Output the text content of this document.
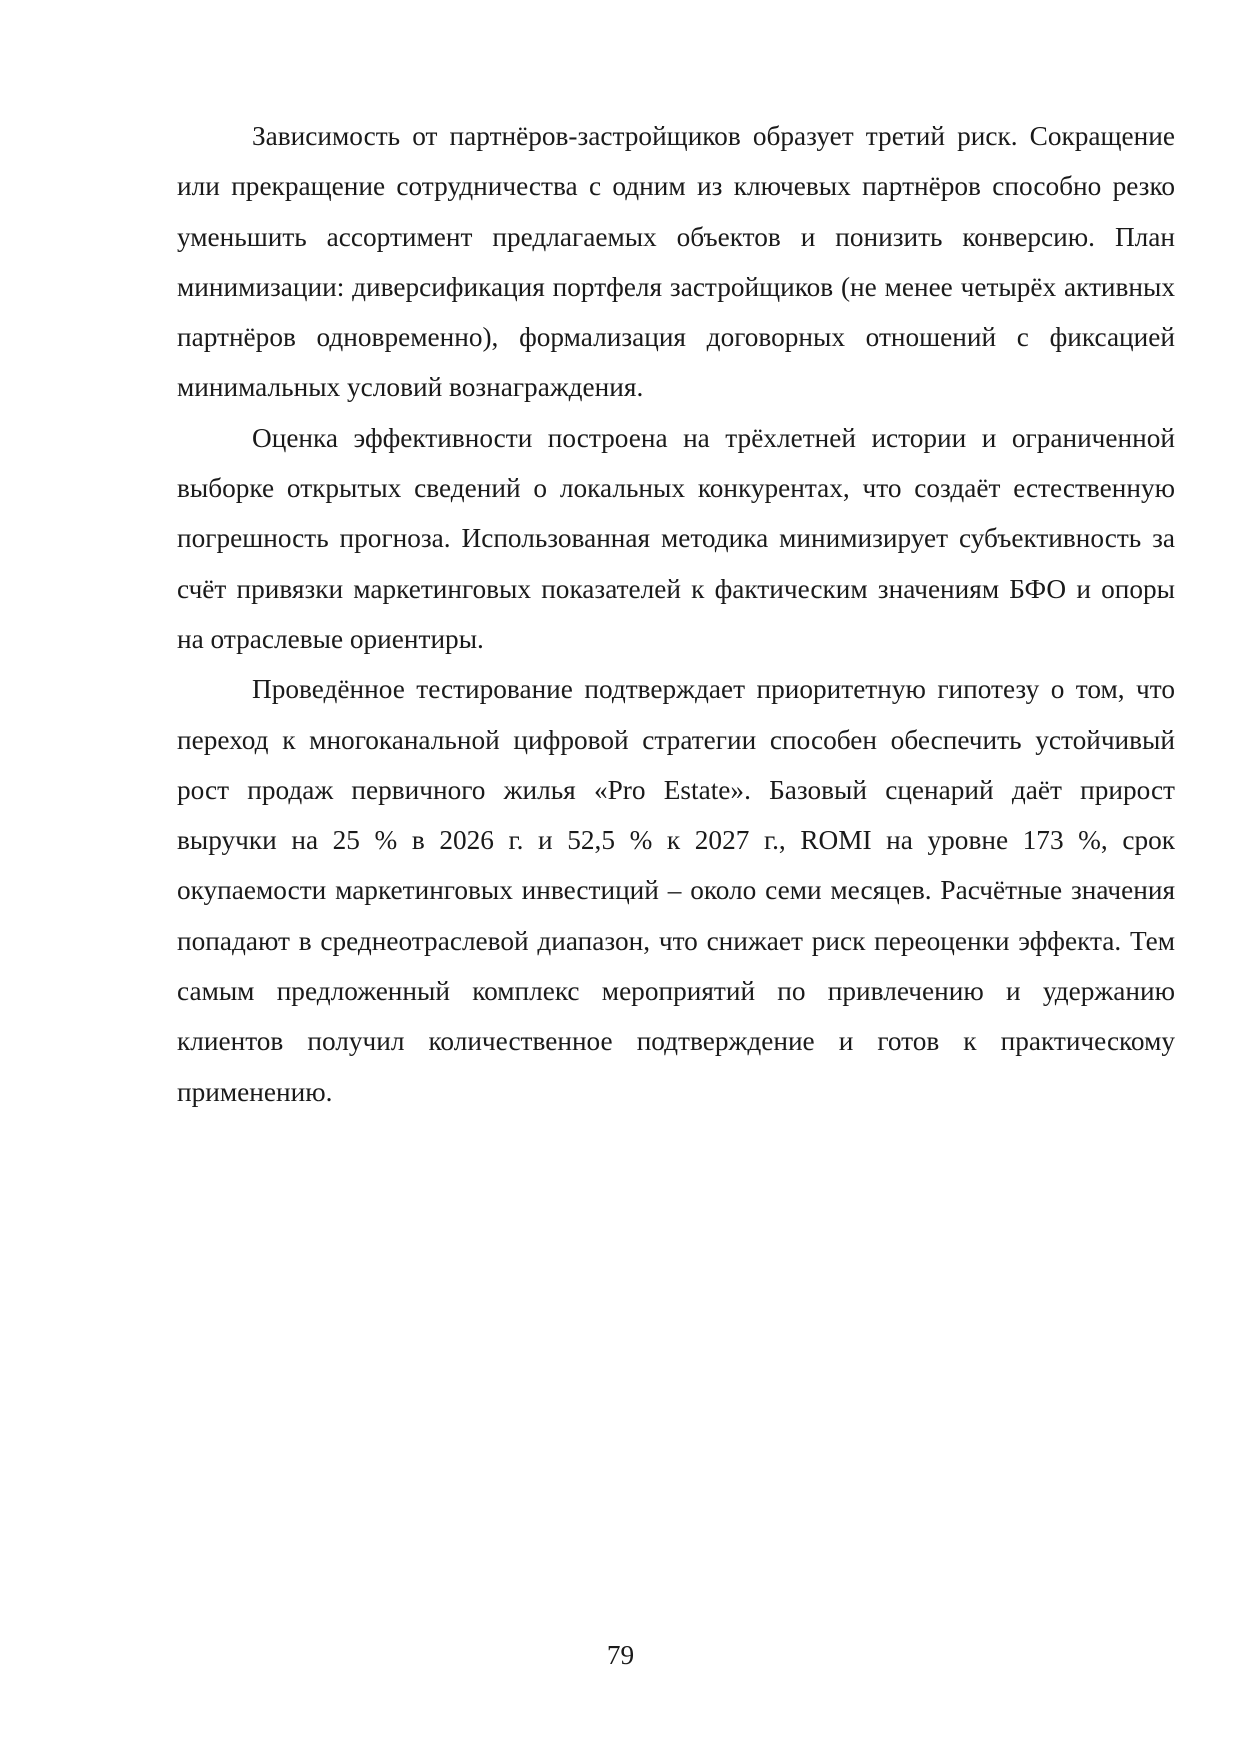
Зависимость от партнёров-застройщиков образует третий риск. Сокращение или прекращение сотрудничества с одним из ключевых партнёров способно резко уменьшить ассортимент предлагаемых объектов и понизить конверсию. План минимизации: диверсификация портфеля застройщиков (не менее четырёх активных партнёров одновременно), формализация договорных отношений с фиксацией минимальных условий вознаграждения.

Оценка эффективности построена на трёхлетней истории и ограниченной выборке открытых сведений о локальных конкурентах, что создаёт естественную погрешность прогноза. Использованная методика минимизирует субъективность за счёт привязки маркетинговых показателей к фактическим значениям БФО и опоры на отраслевые ориентиры.

Проведённое тестирование подтверждает приоритетную гипотезу о том, что переход к многоканальной цифровой стратегии способен обеспечить устойчивый рост продаж первичного жилья «Pro Estate». Базовый сценарий даёт прирост выручки на 25 % в 2026 г. и 52,5 % к 2027 г., ROMI на уровне 173 %, срок окупаемости маркетинговых инвестиций – около семи месяцев. Расчётные значения попадают в среднеотраслевой диапазон, что снижает риск переоценки эффекта. Тем самым предложенный комплекс мероприятий по привлечению и удержанию клиентов получил количественное подтверждение и готов к практическому применению.

79
